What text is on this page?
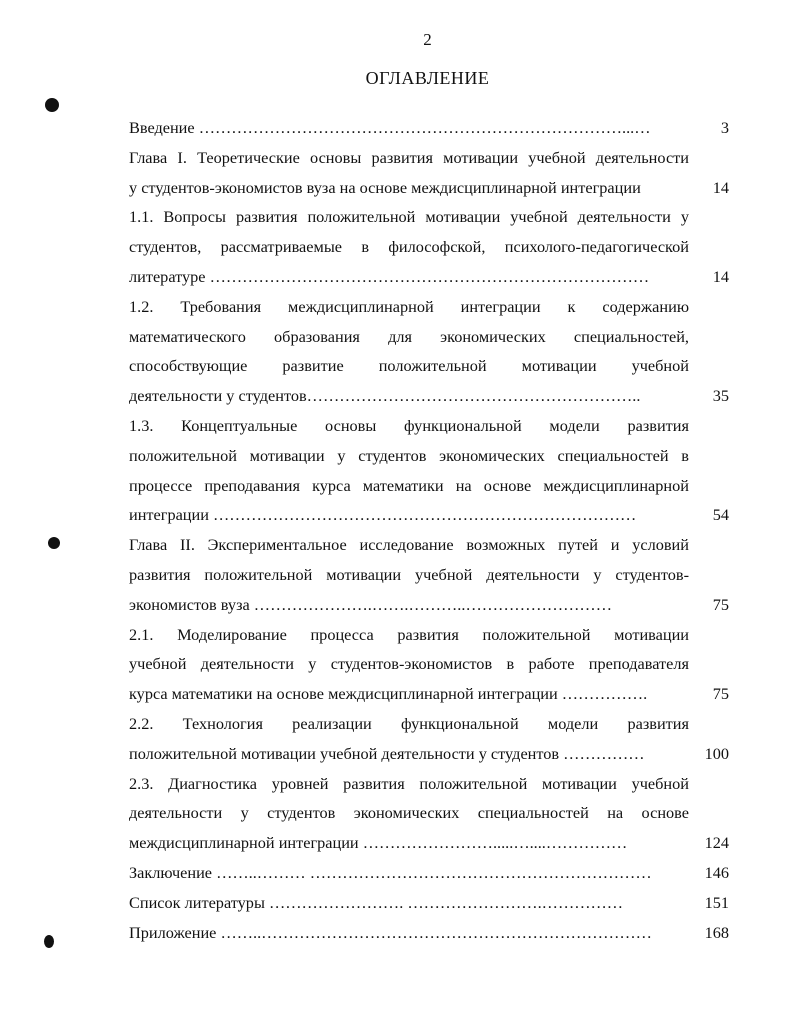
2
ОГЛАВЛЕНИЕ
Введение ……………………………………………………………………...…	3
Глава I. Теоретические основы развития мотивации учебной деятельности
у студентов-экономистов вуза на основе междисциплинарной интеграции	14
1.1. Вопросы развития положительной мотивации учебной деятельности у
студентов, рассматриваемые в философской, психолого-педагогической
литературе ………………………………………………………………………	14
1.2. Требования междисциплинарной интеграции к содержанию
математического образования для экономических специальностей,
способствующие развитие положительной мотивации учебной
деятельности у студентов……………………………………………………..	35
1.3. Концептуальные основы функциональной модели развития
положительной мотивации у студентов экономических специальностей в
процессе преподавания курса математики на основе междисциплинарной
интеграции ……………………………………………………………………	54
Глава II. Экспериментальное исследование возможных путей и условий
развития положительной мотивации учебной деятельности у студентов-
экономистов вуза ………………….…….………..………………………	75
2.1. Моделирование процесса развития положительной мотивации
учебной деятельности у студентов-экономистов в работе преподавателя
курса математики на основе междисциплинарной интеграции …………….	75
2.2. Технология реализации функциональной модели развития
положительной мотивации учебной деятельности у студентов ……………	100
2.3. Диагностика уровней развития положительной мотивации учебной
деятельности у студентов экономических специальностей на основе
междисциплинарной интеграции …………………….....…....……………	124
Заключение ……..……… ………………………………………………………	146
Список литературы ……………………. …………………….……………	151
Приложение ……..………………………………………………………………	168
